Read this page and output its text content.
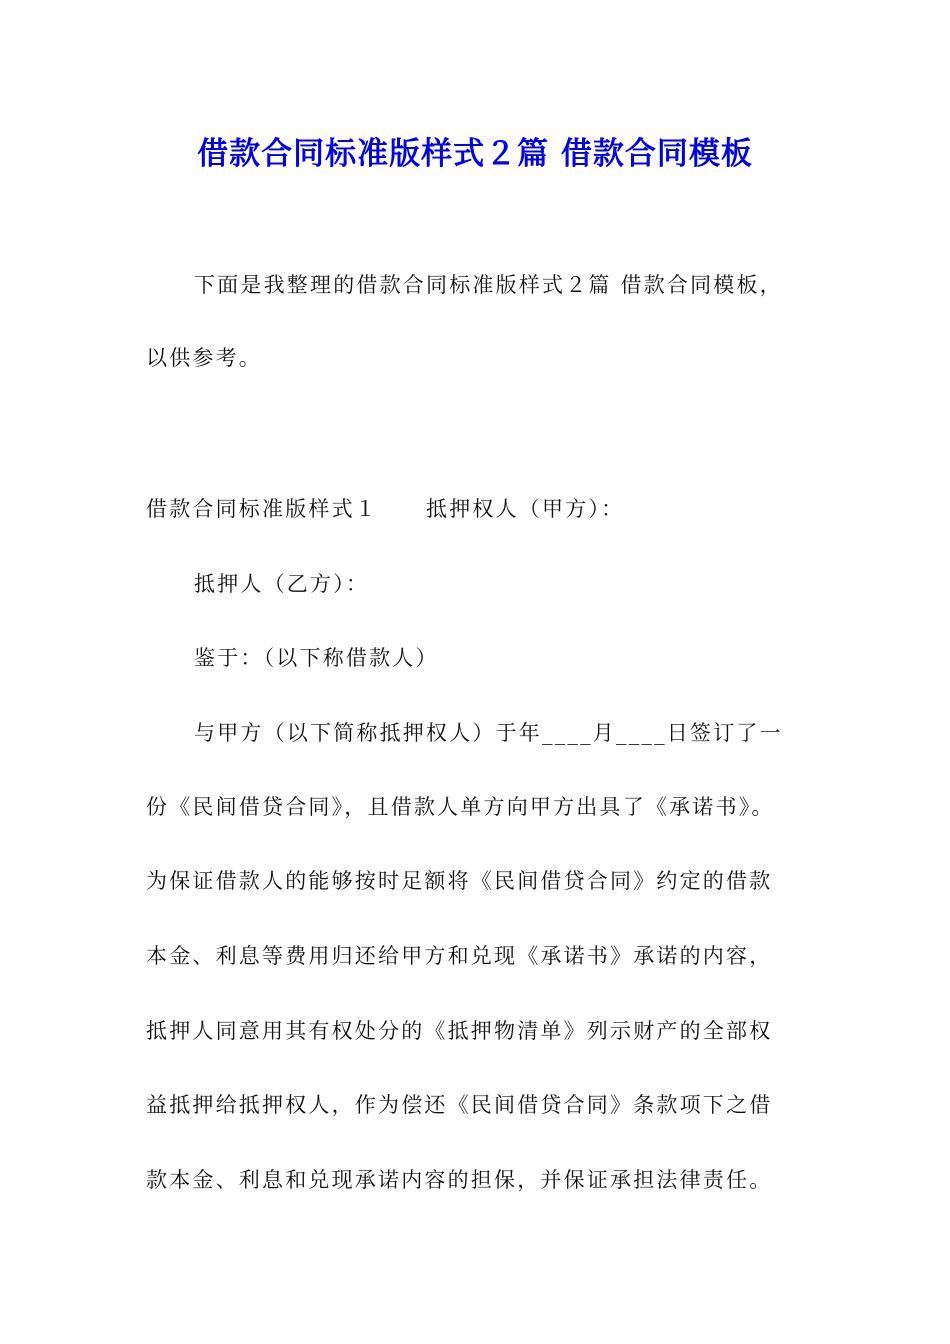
借款合同标准版样式２篇 借款合同模板
下面是我整理的借款合同标准版样式２篇 借款合同模板，
以供参考。
借款合同标准版样式１ 抵押权人（甲方）：
抵押人（乙方）：
鉴于：（以下称借款人）
与甲方（以下简称抵押权人）于年____月____日签订了一
份《民间借贷合同》，且借款人单方向甲方出具了《承诺书》。
为保证借款人的能够按时足额将《民间借贷合同》约定的借款
本金、利息等费用归还给甲方和兑现《承诺书》承诺的内容，
抵押人同意用其有权处分的《抵押物清单》列示财产的全部权
益抵押给抵押权人，作为偿还《民间借贷合同》条款项下之借
款本金、利息和兑现承诺内容的担保，并保证承担法律责任。
